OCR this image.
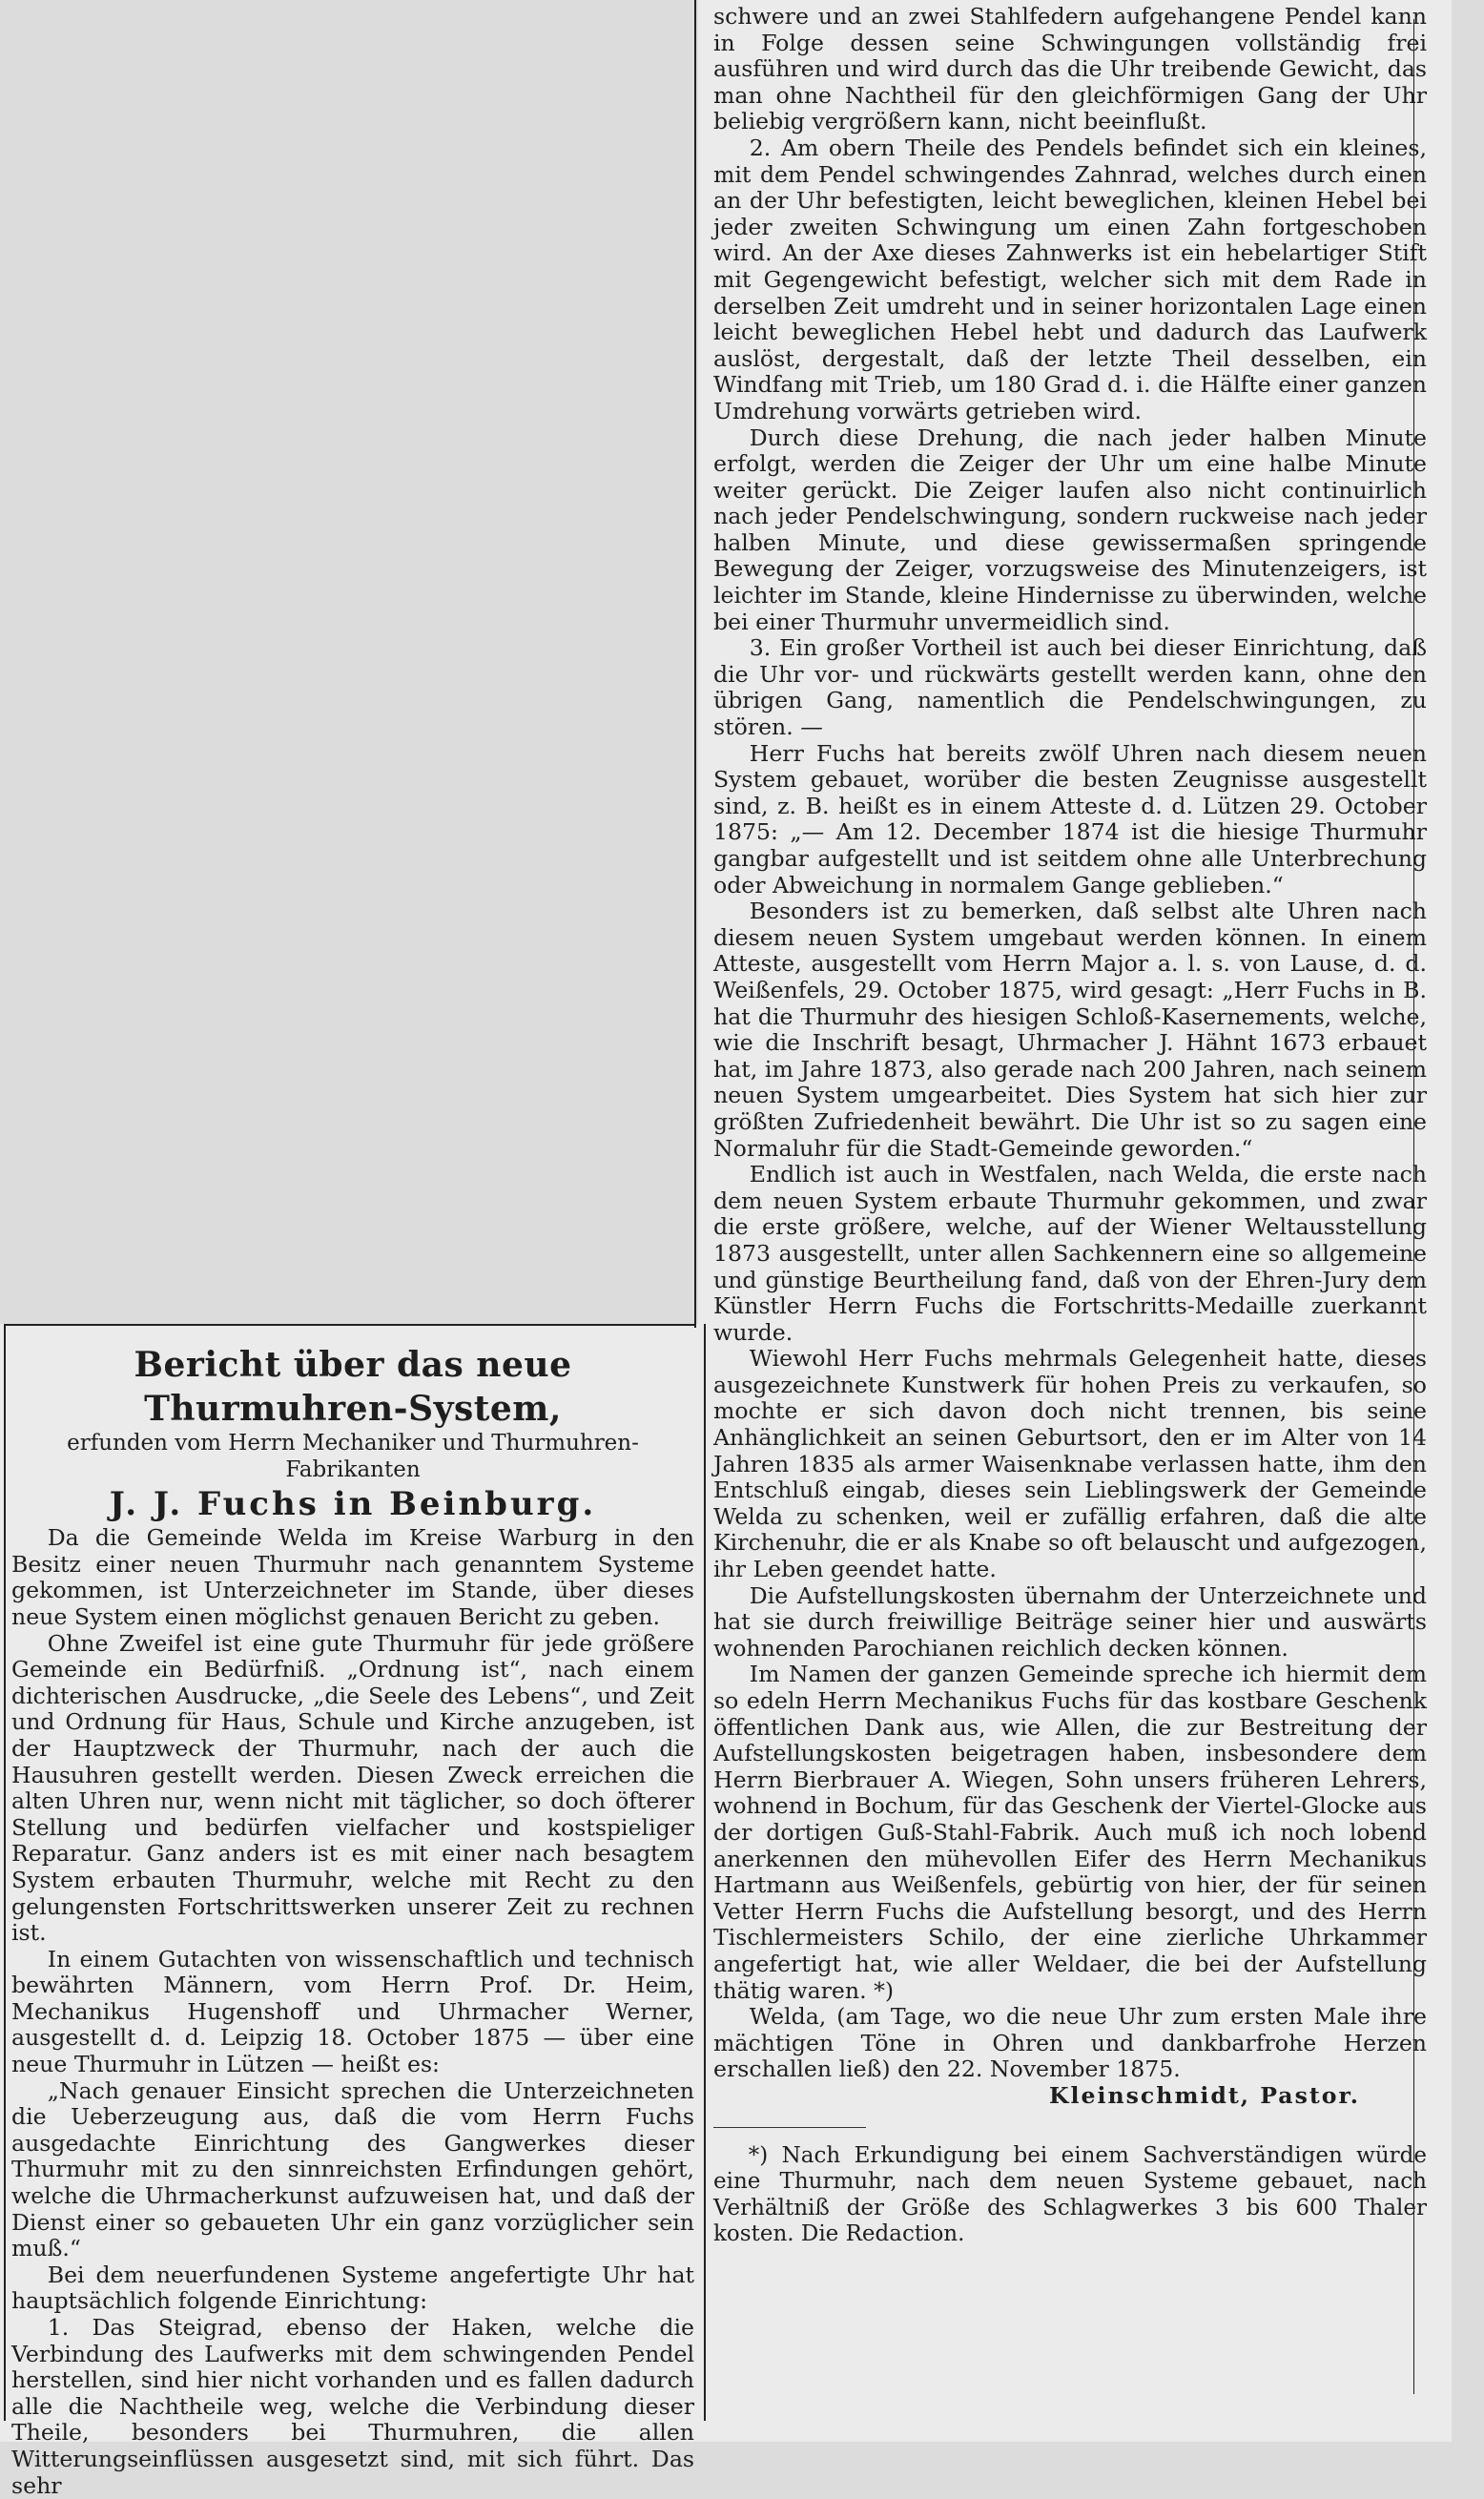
schwere und an zwei Stahlfedern aufgehangene Pendel kann in Folge dessen seine Schwingungen vollständig frei ausführen und wird durch das die Uhr treibende Gewicht, das man ohne Nachtheil für den gleichförmigen Gang der Uhr beliebig vergrößern kann, nicht beeinflußt.

2. Am obern Theile des Pendels befindet sich ein kleines, mit dem Pendel schwingendes Zahnrad, welches durch einen an der Uhr befestigten, leicht beweglichen, kleinen Hebel bei jeder zweiten Schwingung um einen Zahn fortgeschoben wird. An der Axe dieses Zahnwerks ist ein hebelartiger Stift mit Gegengewicht befestigt, welcher sich mit dem Rade in derselben Zeit umdreht und in seiner horizontalen Lage einen leicht beweglichen Hebel hebt und dadurch das Laufwerk auslöst, dergestalt, daß der letzte Theil desselben, ein Windfang mit Trieb, um 180 Grad d. i. die Hälfte einer ganzen Umdrehung vorwärts getrieben wird.

Durch diese Drehung, die nach jeder halben Minute erfolgt, werden die Zeiger der Uhr um eine halbe Minute weiter gerückt. Die Zeiger laufen also nicht continuirlich nach jeder Pendelschwingung, sondern ruckweise nach jeder halben Minute, und diese gewissermaßen springende Bewegung der Zeiger, vorzugsweise des Minutenzeigers, ist leichter im Stande, kleine Hindernisse zu überwinden, welche bei einer Thurmuhr unvermeidlich sind.

3. Ein großer Vortheil ist auch bei dieser Einrichtung, daß die Uhr vor- und rückwärts gestellt werden kann, ohne den übrigen Gang, namentlich die Pendelschwingungen, zu stören. —

Herr Fuchs hat bereits zwölf Uhren nach diesem neuen System gebauet, worüber die besten Zeugnisse ausgestellt sind, z. B. heißt es in einem Atteste d. d. Lützen 29. October 1875: „— Am 12. December 1874 ist die hiesige Thurmuhr gangbar aufgestellt und ist seitdem ohne alle Unterbrechung oder Abweichung in normalem Gange geblieben.“

Besonders ist zu bemerken, daß selbst alte Uhren nach diesem neuen System umgebaut werden können. In einem Atteste, ausgestellt vom Herrn Major a. l. s. von Lause, d. d. Weißenfels, 29. October 1875, wird gesagt: „Herr Fuchs in B. hat die Thurmuhr des hiesigen Schloß-Kasernements, welche, wie die Inschrift besagt, Uhrmacher J. Hähnt 1673 erbauet hat, im Jahre 1873, also gerade nach 200 Jahren, nach seinem neuen System umgearbeitet. Dies System hat sich hier zur größten Zufriedenheit bewährt. Die Uhr ist so zu sagen eine Normaluhr für die Stadt-Gemeinde geworden.“

Endlich ist auch in Westfalen, nach Welda, die erste nach dem neuen System erbaute Thurmuhr gekommen, und zwar die erste größere, welche, auf der Wiener Weltausstellung 1873 ausgestellt, unter allen Sachkennern eine so allgemeine und günstige Beurtheilung fand, daß von der Ehren-Jury dem Künstler Herrn Fuchs die Fortschritts-Medaille zuerkannt wurde.

Wiewohl Herr Fuchs mehrmals Gelegenheit hatte, dieses ausgezeichnete Kunstwerk für hohen Preis zu verkaufen, so mochte er sich davon doch nicht trennen, bis seine Anhänglichkeit an seinen Geburtsort, den er im Alter von 14 Jahren 1835 als armer Waisenknabe verlassen hatte, ihm den Entschluß eingab, dieses sein Lieblingswerk der Gemeinde Welda zu schenken, weil er zufällig erfahren, daß die alte Kirchenuhr, die er als Knabe so oft belauscht und aufgezogen, ihr Leben geendet hatte.

Die Aufstellungskosten übernahm der Unterzeichnete und hat sie durch freiwillige Beiträge seiner hier und auswärts wohnenden Parochianen reichlich decken können.

Im Namen der ganzen Gemeinde spreche ich hiermit dem so edeln Herrn Mechanikus Fuchs für das kostbare Geschenk öffentlichen Dank aus, wie Allen, die zur Bestreitung der Aufstellungskosten beigetragen haben, insbesondere dem Herrn Bierbrauer A. Wiegen, Sohn unsers früheren Lehrers, wohnend in Bochum, für das Geschenk der Viertel-Glocke aus der dortigen Guß-Stahl-Fabrik. Auch muß ich noch lobend anerkennen den mühevollen Eifer des Herrn Mechanikus Hartmann aus Weißenfels, gebürtig von hier, der für seinen Vetter Herrn Fuchs die Aufstellung besorgt, und des Herrn Tischlermeisters Schilo, der eine zierliche Uhrkammer angefertigt hat, wie aller Weldaer, die bei der Aufstellung thätig waren. *)

Welda, (am Tage, wo die neue Uhr zum ersten Male ihre mächtigen Töne in Ohren und dankbarfrohe Herzen erschallen ließ) den 22. November 1875.

Kleinschmidt, Pastor.

*) Nach Erkundigung bei einem Sachverständigen würde eine Thurmuhr, nach dem neuen Systeme gebauet, nach Verhältniß der Größe des Schlagwerkes 3 bis 600 Thaler kosten. Die Redaction.

Bericht über das neue Thurmuhren-System,

erfunden vom Herrn Mechaniker und Thurmuhren-Fabrikanten

J. J. Fuchs in Beinburg.

Da die Gemeinde Welda im Kreise Warburg in den Besitz einer neuen Thurmuhr nach genanntem Systeme gekommen, ist Unterzeichneter im Stande, über dieses neue System einen möglichst genauen Bericht zu geben.

Ohne Zweifel ist eine gute Thurmuhr für jede größere Gemeinde ein Bedürfniß. „Ordnung ist“, nach einem dichterischen Ausdrucke, „die Seele des Lebens“, und Zeit und Ordnung für Haus, Schule und Kirche anzugeben, ist der Hauptzweck der Thurmuhr, nach der auch die Hausuhren gestellt werden. Diesen Zweck erreichen die alten Uhren nur, wenn nicht mit täglicher, so doch öfterer Stellung und bedürfen vielfacher und kostspieliger Reparatur. Ganz anders ist es mit einer nach besagtem System erbauten Thurmuhr, welche mit Recht zu den gelungensten Fortschrittswerken unserer Zeit zu rechnen ist.

In einem Gutachten von wissenschaftlich und technisch bewährten Männern, vom Herrn Prof. Dr. Heim, Mechanikus Hugenshoff und Uhrmacher Werner, ausgestellt d. d. Leipzig 18. October 1875 — über eine neue Thurmuhr in Lützen — heißt es:

„Nach genauer Einsicht sprechen die Unterzeichneten die Ueberzeugung aus, daß die vom Herrn Fuchs ausgedachte Einrichtung des Gangwerkes dieser Thurmuhr mit zu den sinnreichsten Erfindungen gehört, welche die Uhrmacherkunst aufzuweisen hat, und daß der Dienst einer so gebaueten Uhr ein ganz vorzüglicher sein muß.“

Bei dem neuerfundenen Systeme angefertigte Uhr hat hauptsächlich folgende Einrichtung:

1. Das Steigrad, ebenso der Haken, welche die Verbindung des Laufwerks mit dem schwingenden Pendel herstellen, sind hier nicht vorhanden und es fallen dadurch alle die Nachtheile weg, welche die Verbindung dieser Theile, besonders bei Thurmuhren, die allen Witterungseinflüssen ausgesetzt sind, mit sich führt. Das sehr
